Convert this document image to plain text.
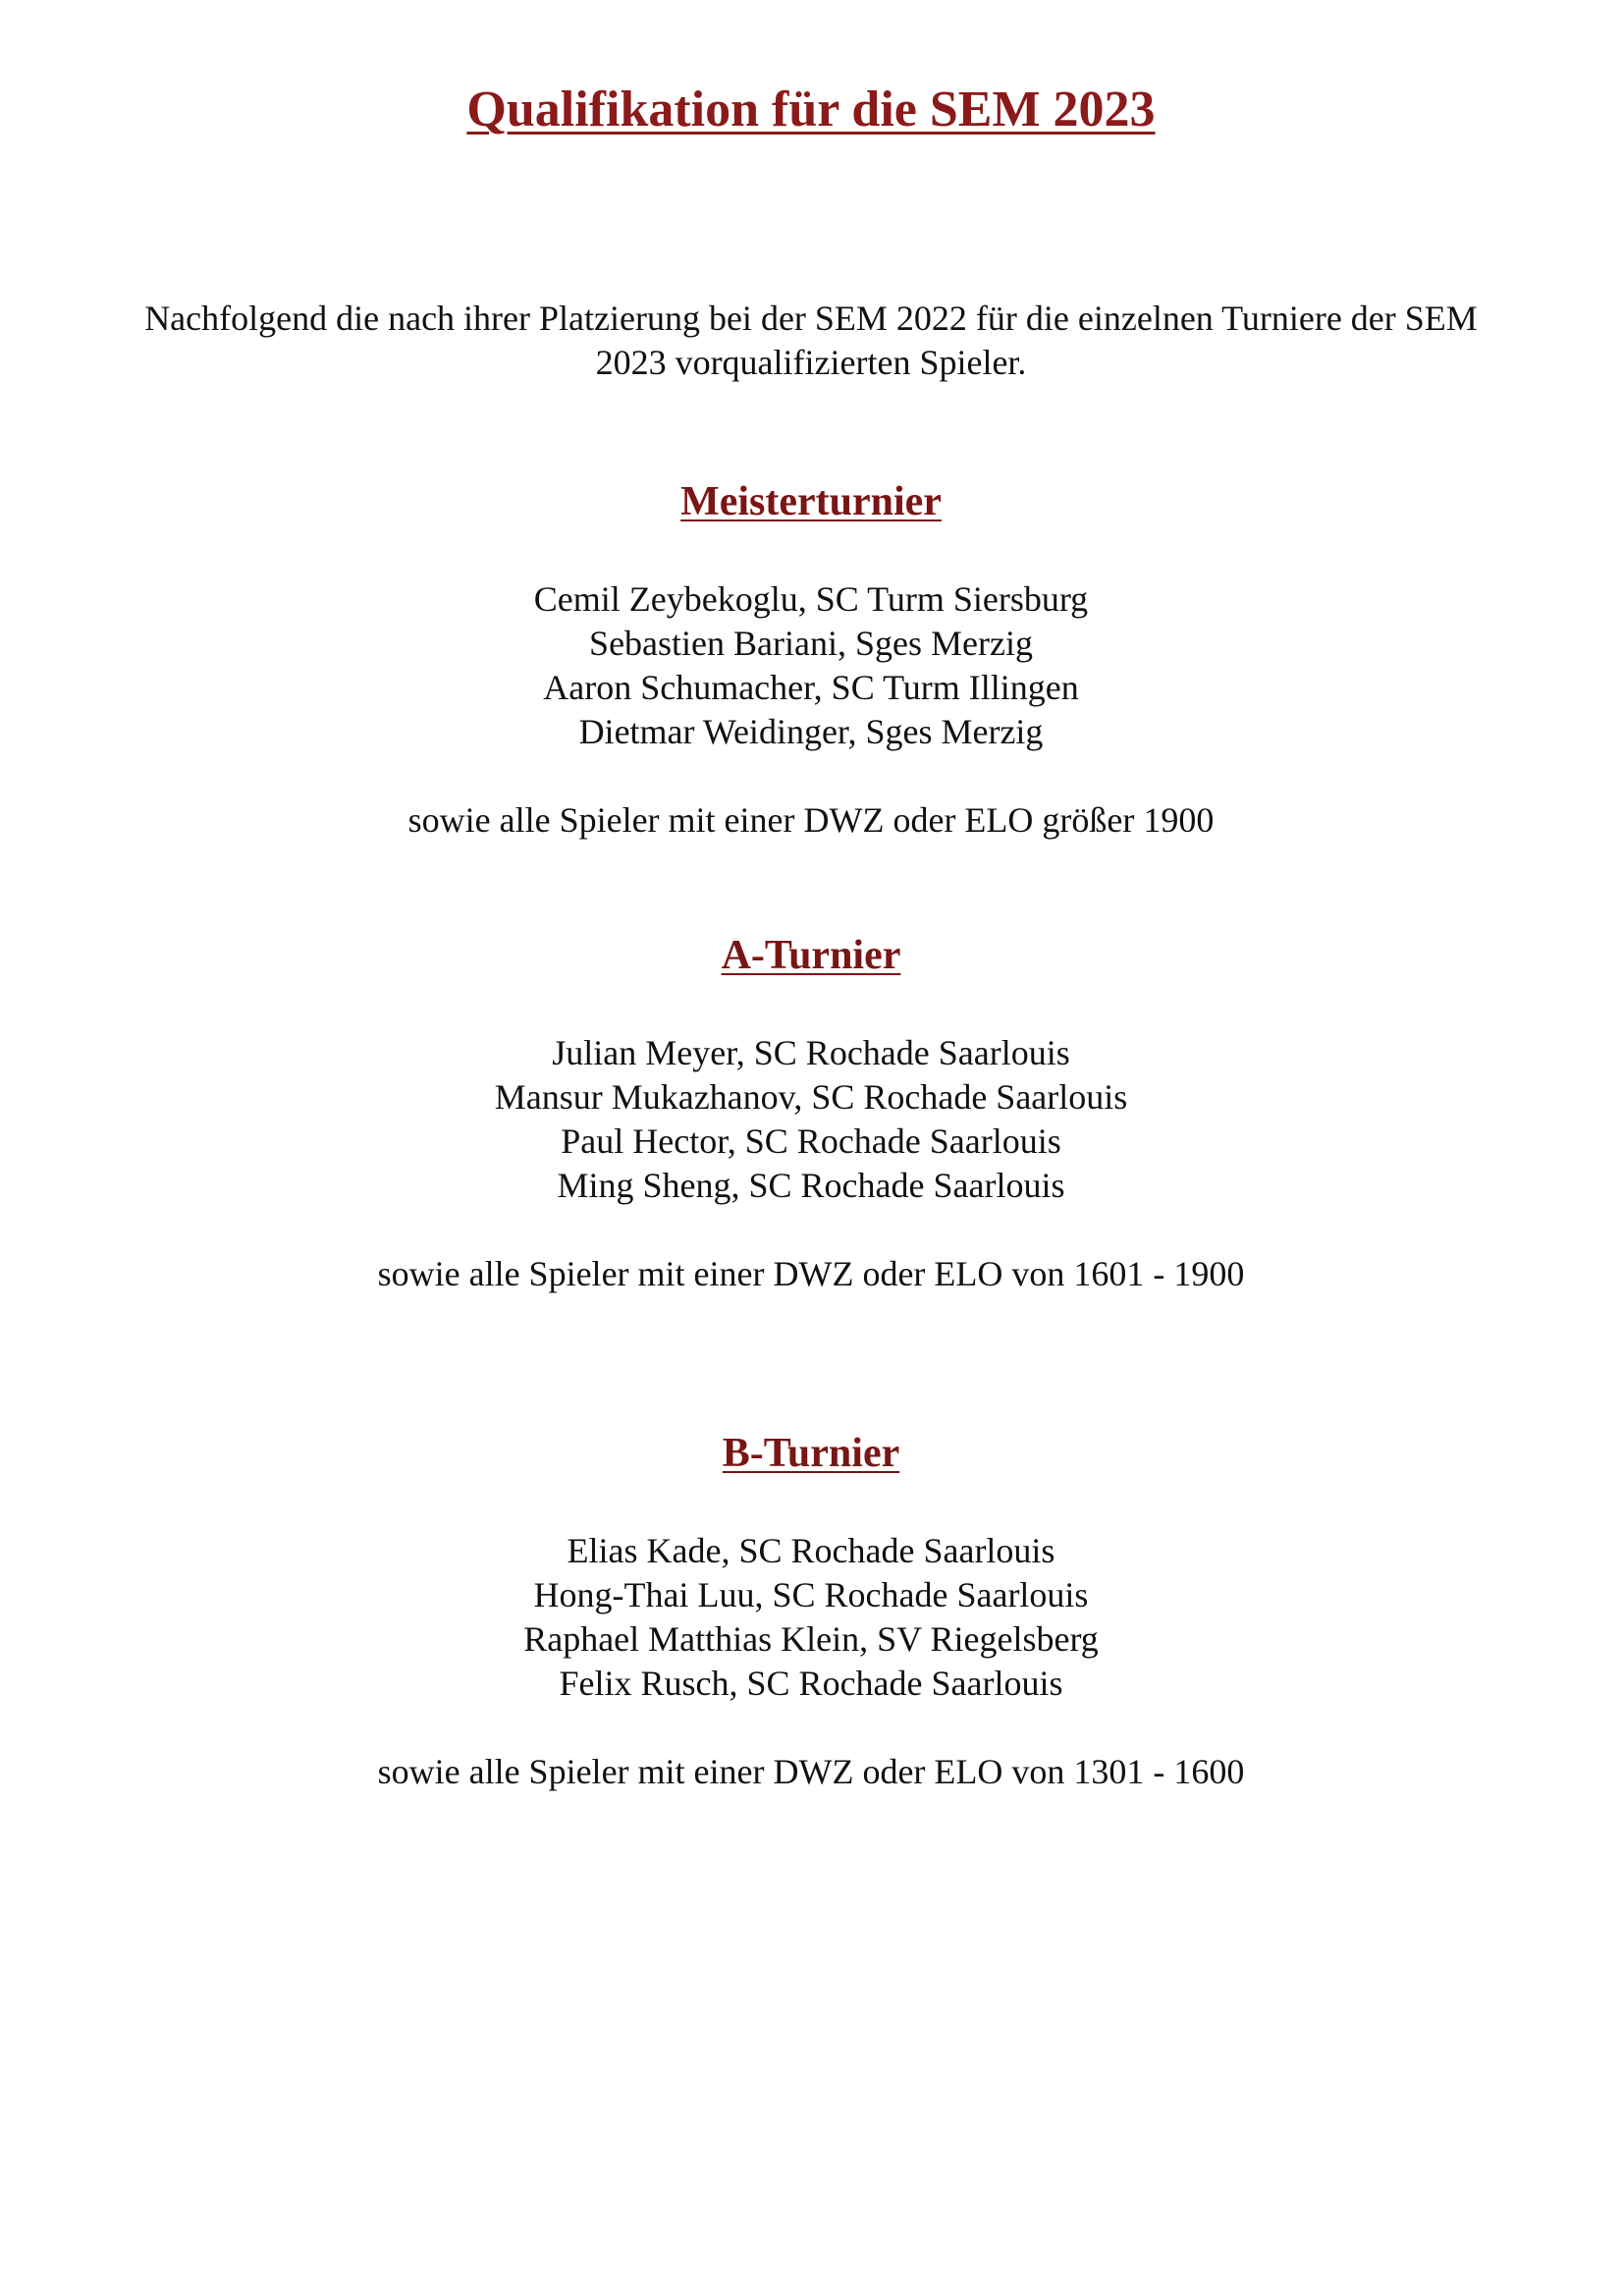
Qualifikation für die SEM 2023

Nachfolgend die nach ihrer Platzierung bei der SEM 2022 für die einzelnen Turniere der SEM
2023 vorqualifizierten Spieler.

Meisterturnier
Cemil Zeybekoglu, SC Turm Siersburg
Sebastien Bariani, Sges Merzig
Aaron Schumacher, SC Turm Illingen
Dietmar Weidinger, Sges Merzig

sowie alle Spieler mit einer DWZ oder ELO größer 1900

A-Turnier
Julian Meyer, SC Rochade Saarlouis
Mansur Mukazhanov, SC Rochade Saarlouis
Paul Hector, SC Rochade Saarlouis
Ming Sheng, SC Rochade Saarlouis

sowie alle Spieler mit einer DWZ oder ELO von 1601 - 1900

B-Turnier
Elias Kade, SC Rochade Saarlouis
Hong-Thai Luu, SC Rochade Saarlouis
Raphael Matthias Klein, SV Riegelsberg
Felix Rusch, SC Rochade Saarlouis

sowie alle Spieler mit einer DWZ oder ELO von 1301 - 1600
